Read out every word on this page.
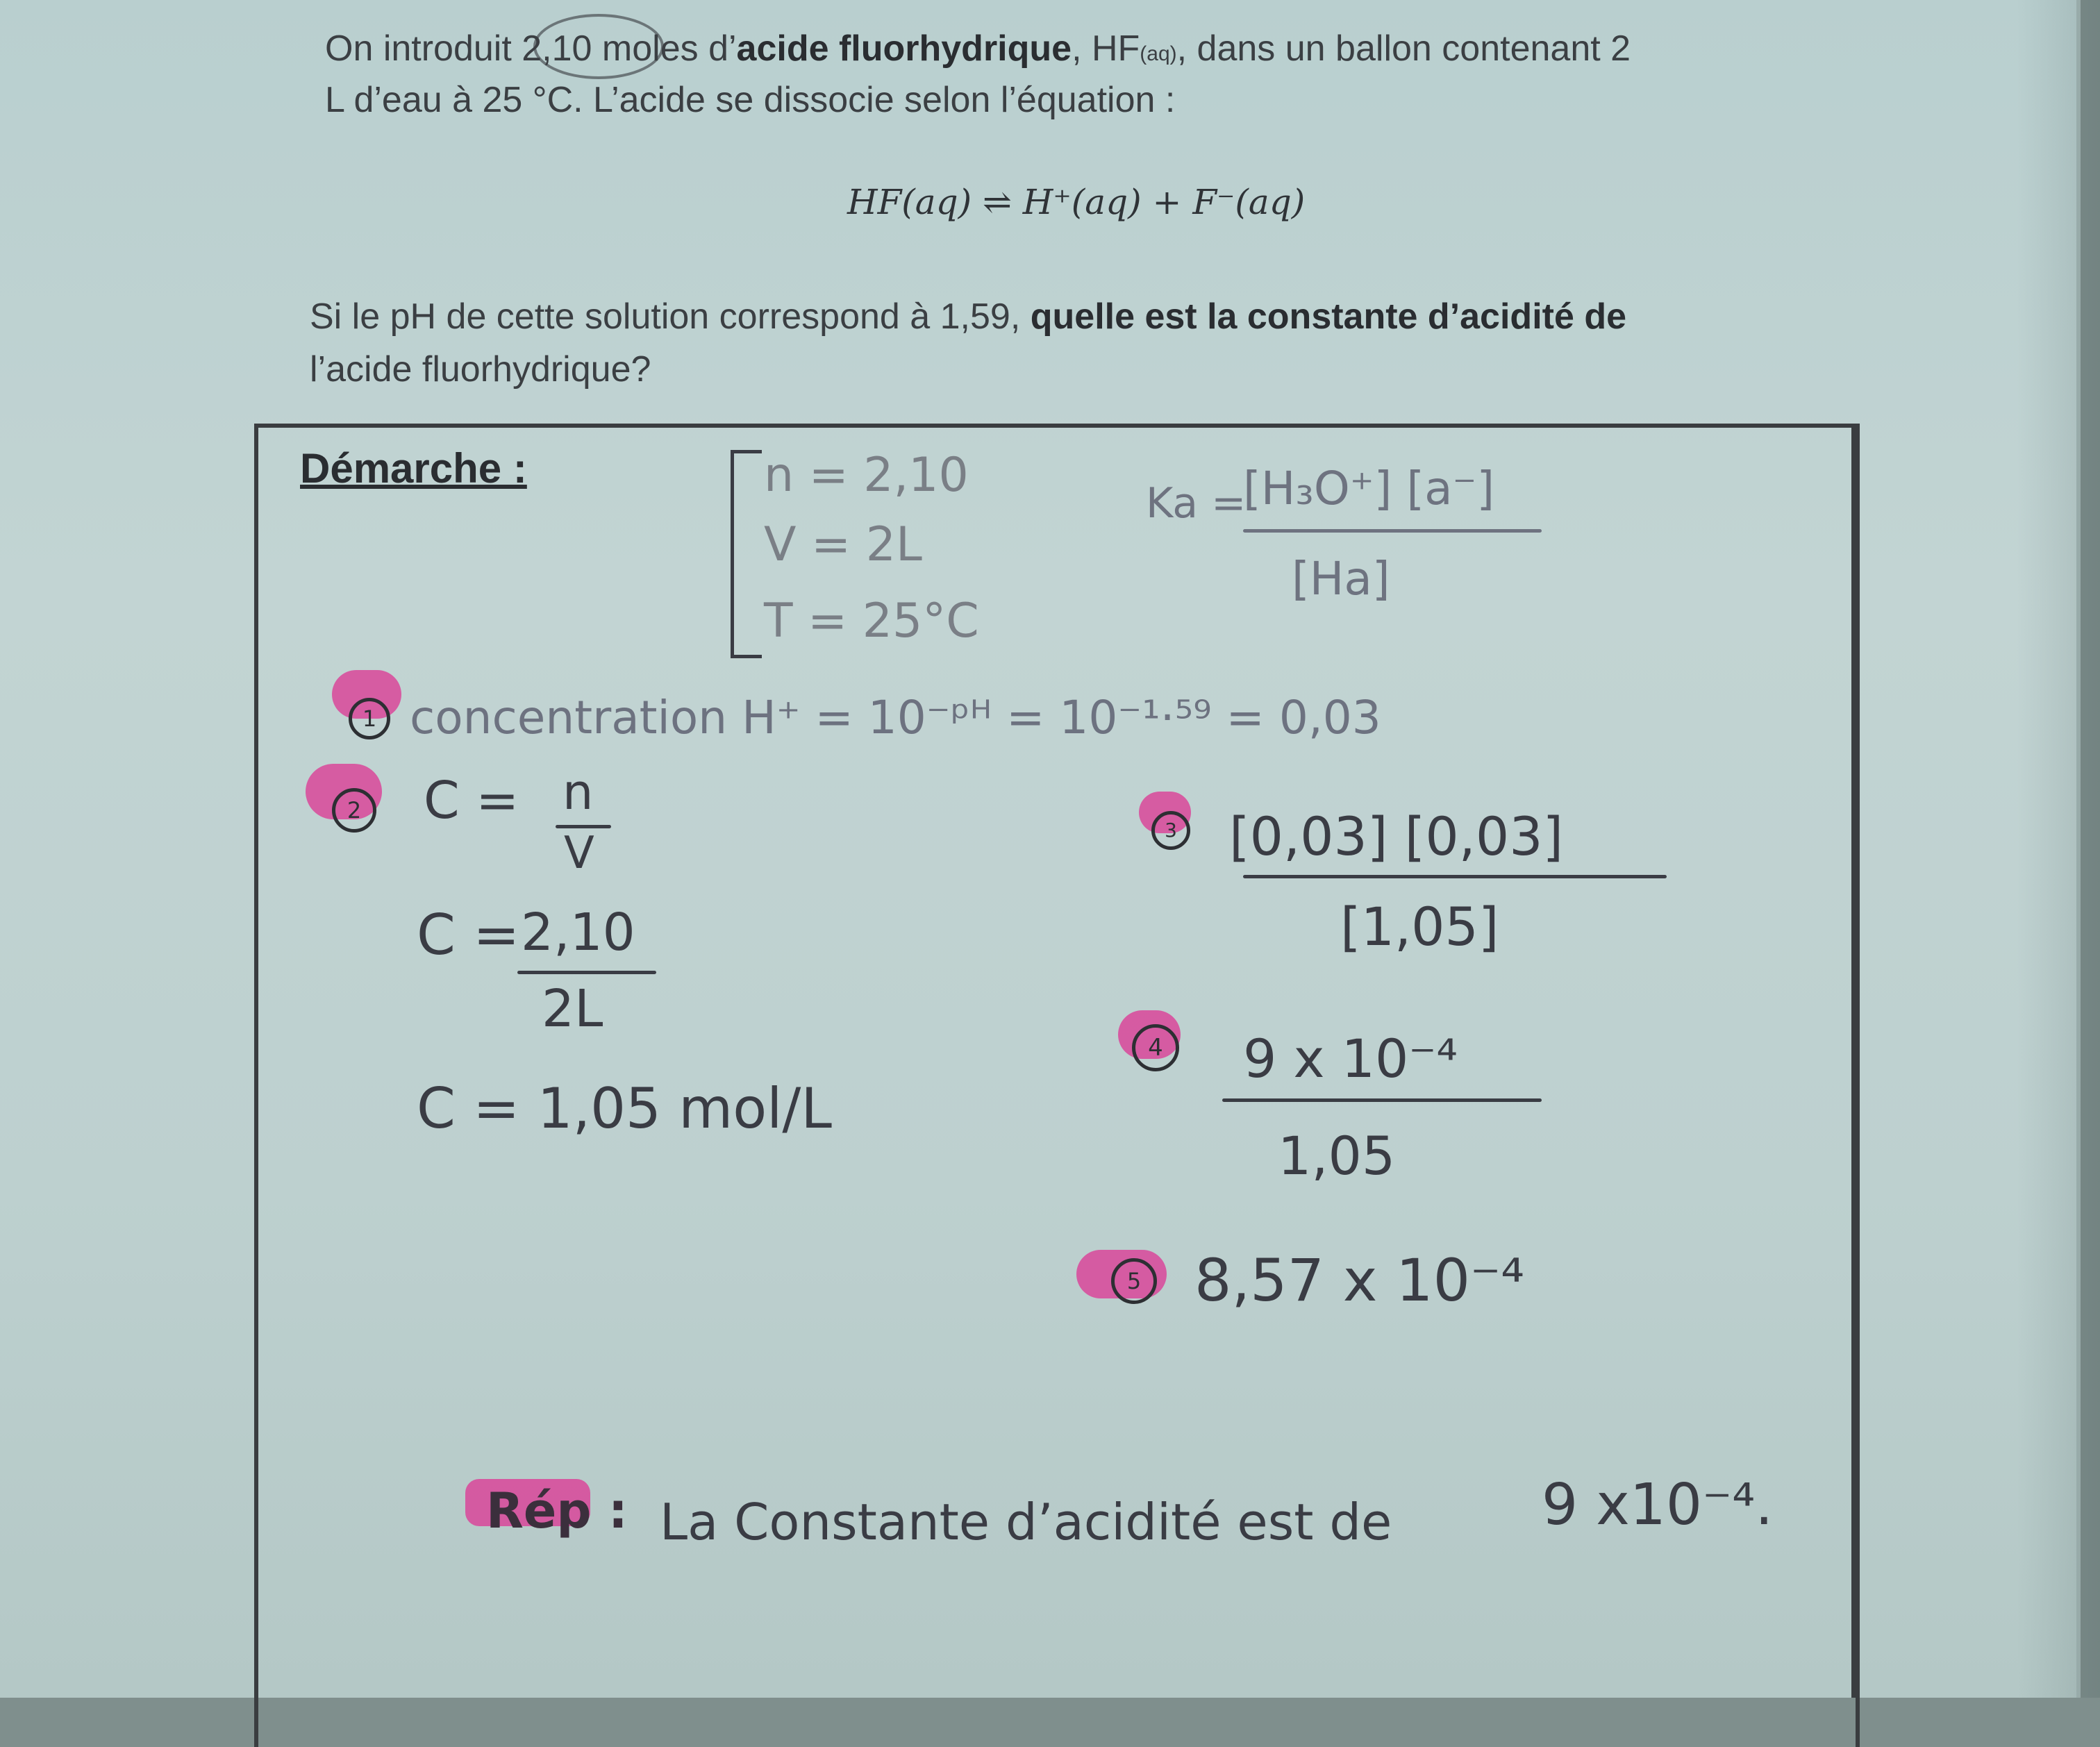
On introduit 2,10 moles d’acide fluorhydrique, HF(aq), dans un ballon contenant 2
L d’eau à 25 °C. L’acide se dissocie selon l’équation :
HF(aq) ⇌ H⁺(aq) + F⁻(aq)
Si le pH de cette solution correspond à 1,59, quelle est la constante d’acidité de
l’acide fluorhydrique?
Démarche :	n = 2,10
V = 2L
T = 25°C
Ka =
[H₃O⁺] [a⁻]
[Ha]
1 concentration H⁺ = 10⁻ᵖᴴ = 10⁻¹·⁵⁹ = 0,03
2 C = n
V
C = 2,10
2L
C = 1,05 mol/L
3 [0,03] [0,03]
[1,05]
4	9 x 10⁻⁴
1,05
5 8,57 x 10⁻⁴
Rép : La Constante d’acidité est de	9 x10⁻⁴.
